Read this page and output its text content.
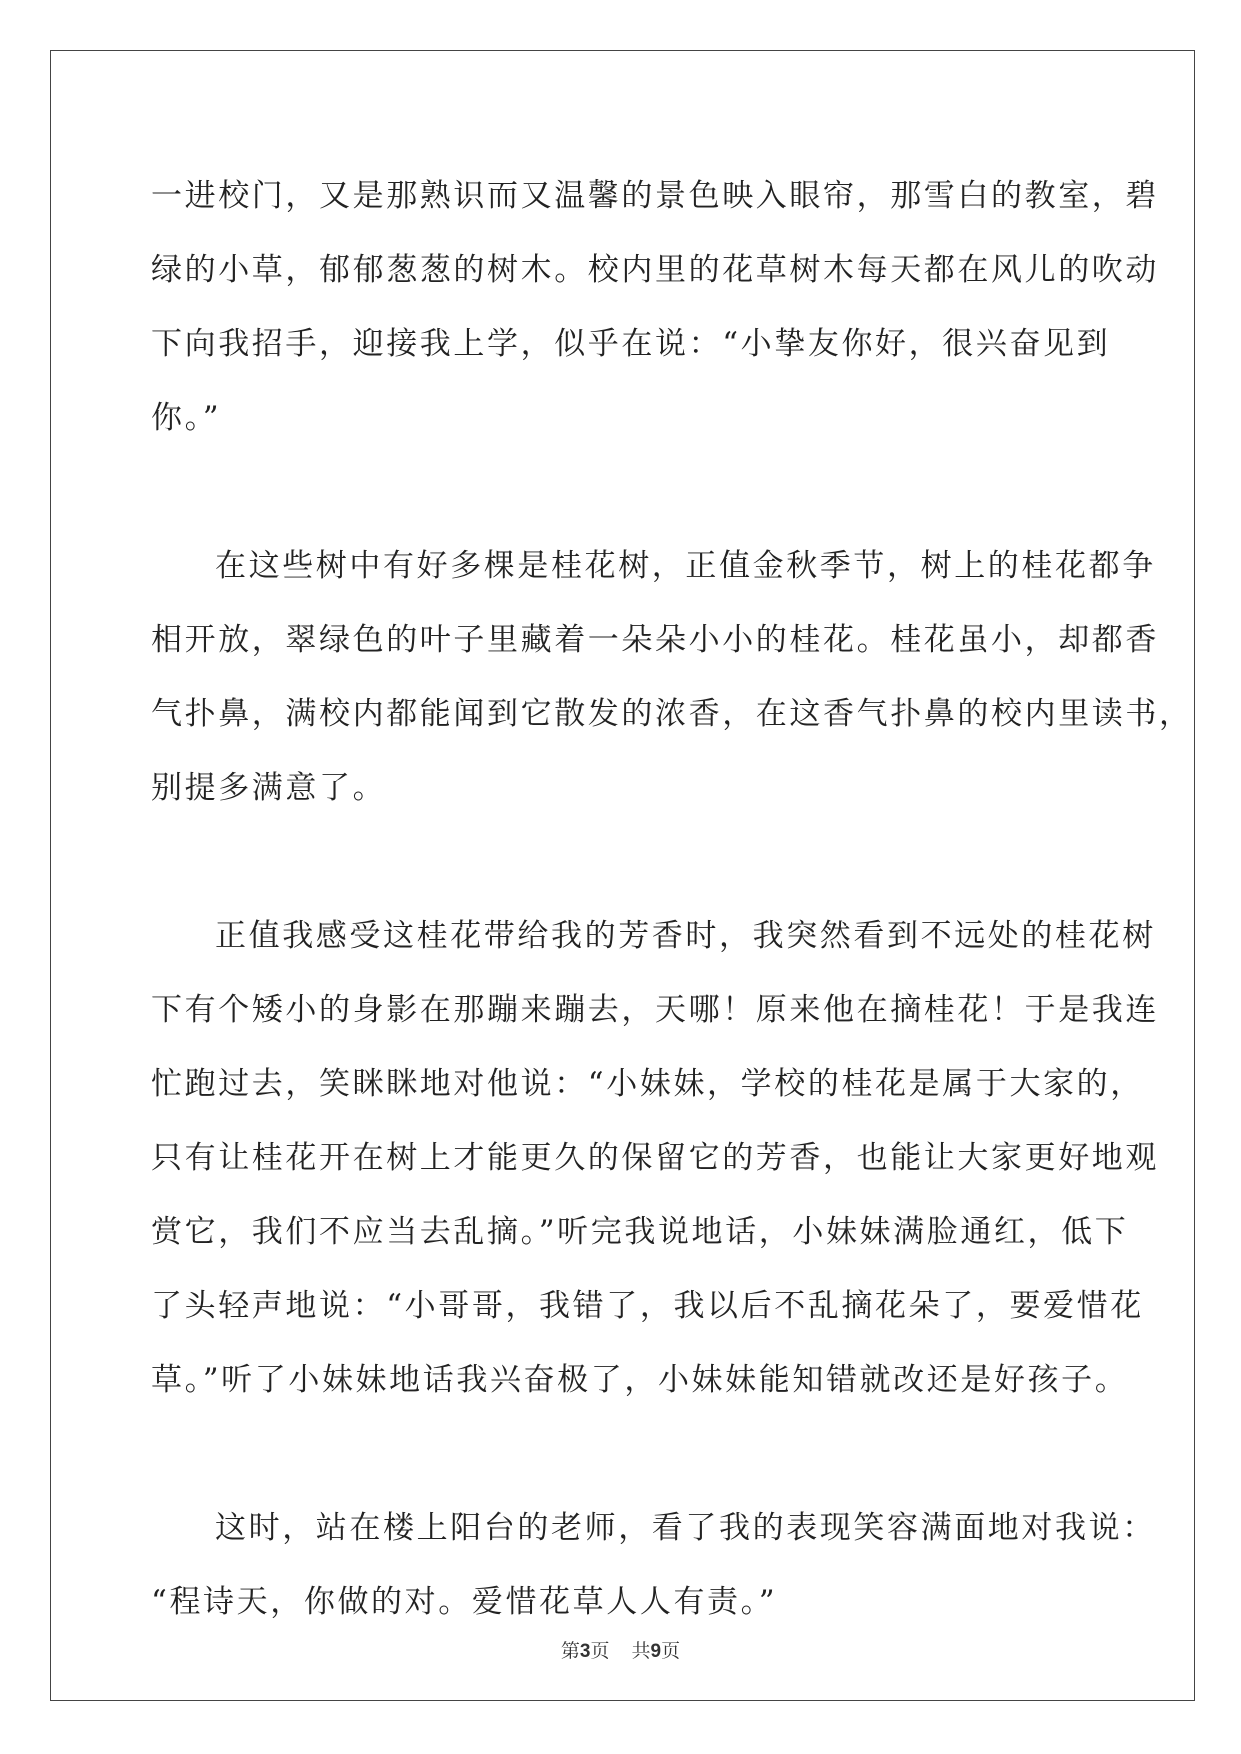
一进校门，又是那熟识而又温馨的景色映入眼帘，那雪白的教室，碧
绿的小草，郁郁葱葱的树木。校内里的花草树木每天都在风儿的吹动
下向我招手，迎接我上学，似乎在说：“小挚友你好，很兴奋见到
你。”
在这些树中有好多棵是桂花树，正值金秋季节，树上的桂花都争
相开放，翠绿色的叶子里藏着一朵朵小小的桂花。桂花虽小，却都香
气扑鼻，满校内都能闻到它散发的浓香，在这香气扑鼻的校内里读书，
别提多满意了。
正值我感受这桂花带给我的芳香时，我突然看到不远处的桂花树
下有个矮小的身影在那蹦来蹦去，天哪！原来他在摘桂花！于是我连
忙跑过去，笑眯眯地对他说：“小妹妹，学校的桂花是属于大家的，
只有让桂花开在树上才能更久的保留它的芳香，也能让大家更好地观
赏它，我们不应当去乱摘。”听完我说地话，小妹妹满脸通红，低下
了头轻声地说：“小哥哥，我错了，我以后不乱摘花朵了，要爱惜花
草。”听了小妹妹地话我兴奋极了，小妹妹能知错就改还是好孩子。
这时，站在楼上阳台的老师，看了我的表现笑容满面地对我说：
“程诗天，你做的对。爱惜花草人人有责。”
第3页 共9页
